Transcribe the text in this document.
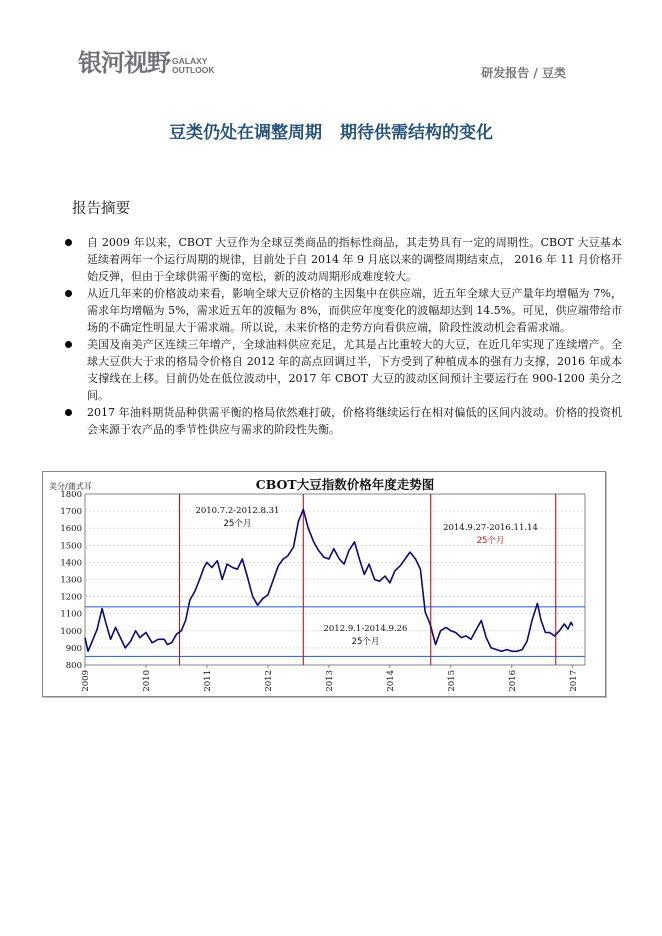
银河视野 · · · · · ·
GALAXY
OUTLOOK	研发报告 / 豆类
豆类仍处在调整周期 期待供需结构的变化
报告摘要
自 2009 年以来，CBOT 大豆作为全球豆类商品的指标性商品，其走势具有一定的周期性。CBOT 大豆基本延续着两年一个运行周期的规律，目前处于自 2014 年 9 月底以来的调整周期结束点， 2016 年 11 月价格开始反弹，但由于全球供需平衡的宽松，新的波动周期形成难度较大。
从近几年来的价格波动来看，影响全球大豆价格的主因集中在供应端，近五年全球大豆产量年均增幅为 7%，需求年均增幅为 5%，需求近五年的波幅为 8%，而供应年度变化的波幅却达到 14.5%。可见，供应端带给市场的不确定性明显大于需求端。所以说，未来价格的走势方向看供应端，阶段性波动机会看需求端。
美国及南美产区连续三年增产，全球油料供应充足，尤其是占比重较大的大豆，在近几年实现了连续增产。全球大豆供大于求的格局令价格自 2012 年的高点回调过半，下方受到了种植成本的强有力支撑，2016 年成本支撑线在上移。目前仍处在低位波动中，2017 年 CBOT 大豆的波动区间预计主要运行在 900-1200 美分之间。
2017 年油料期货品种供需平衡的格局依然难打破，价格将继续运行在相对偏低的区间内波动。价格的投资机会来源于农产品的季节性供应与需求的阶段性失衡。
CBOT大豆指数价格年度走势图
美分/蒲式耳
800
900
1000
1100
1200
1300
1400
1500
1600
1700
1800
2009	2010	2011	2012	2013	2014	2015	2016	2017
2010.7.2-2012.8.31
25个月
2012.9.1-2014.9.26
25个月
2014.9.27-2016.11.14
25个月
